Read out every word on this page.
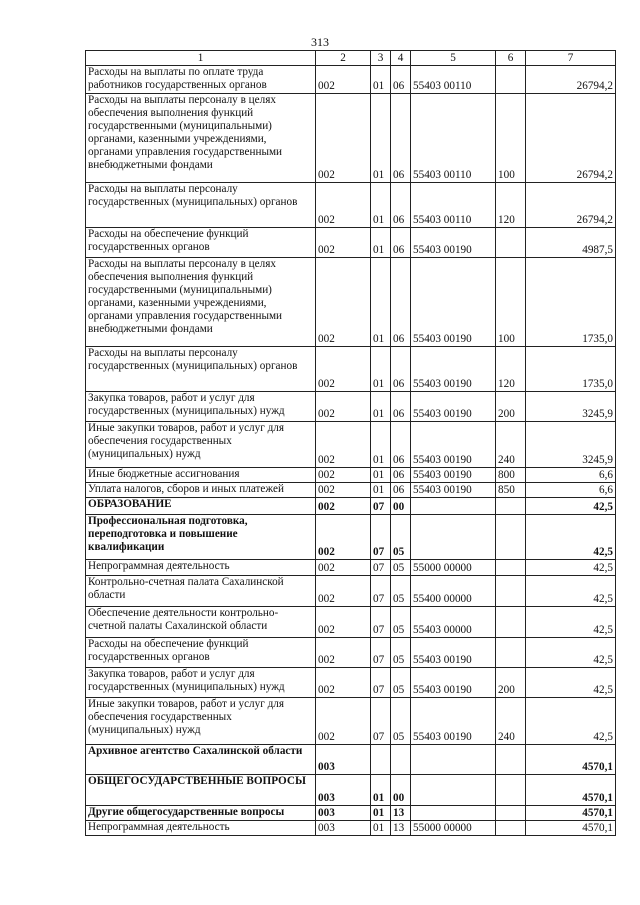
313
1	2	3	4	5	6	7
Расходы на выплаты по оплате труда работников государственных органов	002	01	06	55403 00110		26794,2
Расходы на выплаты персоналу в целях обеспечения выполнения функций государственными (муниципальными) органами, казенными учреждениями, органами управления государственными внебюджетными фондами	002	01	06	55403 00110	100	26794,2
Расходы на выплаты персоналу государственных (муниципальных) органов	002	01	06	55403 00110	120	26794,2
Расходы на обеспечение функций государственных органов	002	01	06	55403 00190		4987,5
Расходы на выплаты персоналу в целях обеспечения выполнения функций государственными (муниципальными) органами, казенными учреждениями, органами управления государственными внебюджетными фондами	002	01	06	55403 00190	100	1735,0
Расходы на выплаты персоналу государственных (муниципальных) органов	002	01	06	55403 00190	120	1735,0
Закупка товаров, работ и услуг для государственных (муниципальных) нужд	002	01	06	55403 00190	200	3245,9
Иные закупки товаров, работ и услуг для обеспечения государственных (муниципальных) нужд	002	01	06	55403 00190	240	3245,9
Иные бюджетные ассигнования	002	01	06	55403 00190	800	6,6
Уплата налогов, сборов и иных платежей	002	01	06	55403 00190	850	6,6
ОБРАЗОВАНИЕ	002	07	00			42,5
Профессиональная подготовка, переподготовка и повышение квалификации	002	07	05			42,5
Непрограммная деятельность	002	07	05	55000 00000		42,5
Контрольно-счетная палата Сахалинской области	002	07	05	55400 00000		42,5
Обеспечение деятельности контрольно-счетной палаты Сахалинской области	002	07	05	55403 00000		42,5
Расходы на обеспечение функций государственных органов	002	07	05	55403 00190		42,5
Закупка товаров, работ и услуг для государственных (муниципальных) нужд	002	07	05	55403 00190	200	42,5
Иные закупки товаров, работ и услуг для обеспечения государственных (муниципальных) нужд	002	07	05	55403 00190	240	42,5
Архивное агентство Сахалинской области	003					4570,1
ОБЩЕГОСУДАРСТВЕННЫЕ ВОПРОСЫ	003	01	00			4570,1
Другие общегосударственные вопросы	003	01	13			4570,1
Непрограммная деятельность	003	01	13	55000 00000		4570,1
